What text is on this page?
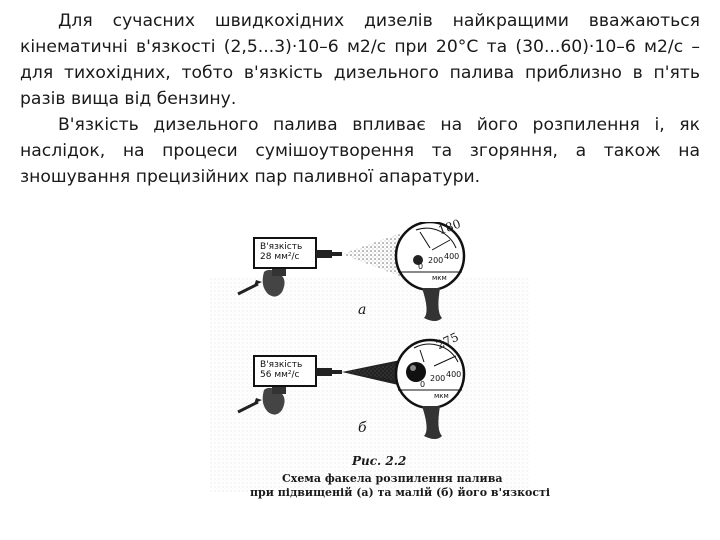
Для сучасних швидкохідних дизелів найкращими вважаються кінематичні в'язкості (2,5...3)·10–6 м2/с при 20°С та (30...60)·10–6 м2/с – для тихохідних, тобто в'язкість дизельного палива приблизно в п'ять разів вища від бензину.

В'язкість дизельного палива впливає на його розпилення і, як наслідок, на процеси сумішоутворення та згоряння, а також на зношування прецизійних пар паливної апаратури.

В'язкість
28 мм²/с
180
0
200 400
мкм
а
В'язкість
56 мм²/с
275
0
200 400
мкм
б
Рис. 2.2
Схема факела розпилення палива
при підвищеній (а) та малій (б) його в'язкості
